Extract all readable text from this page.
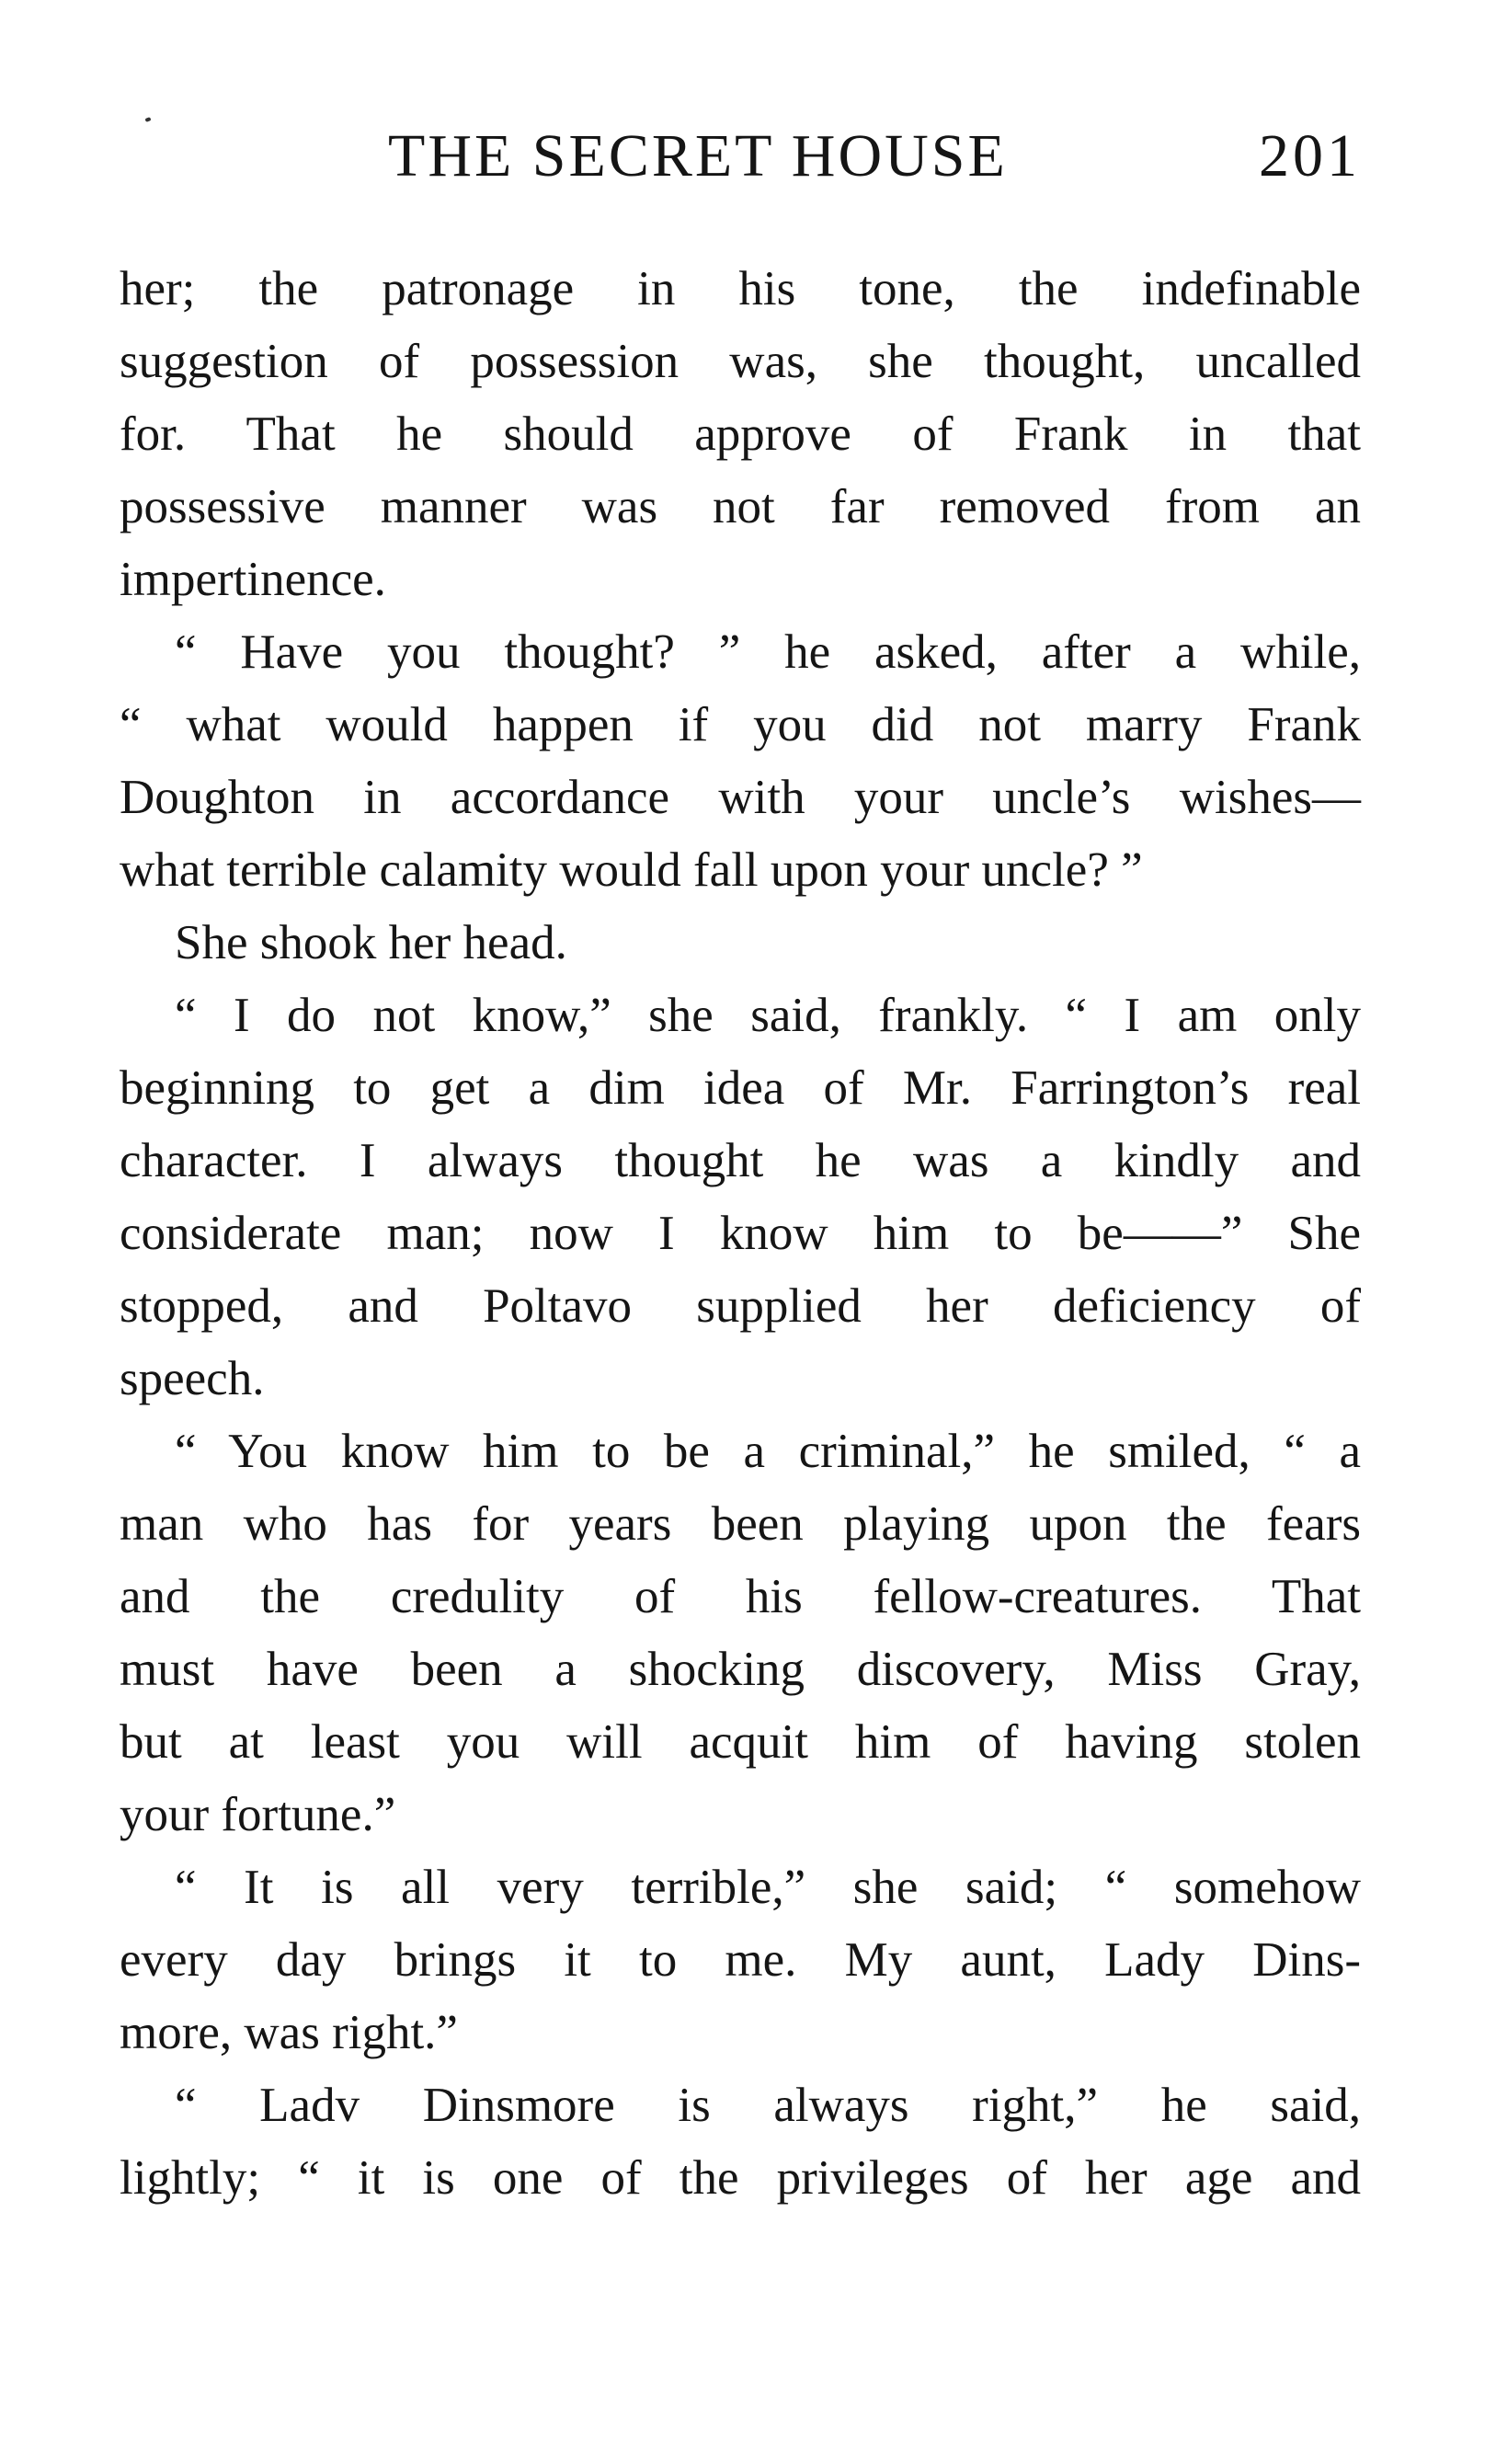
THE SECRET HOUSE	201
her; the patronage in his tone, the indefinable
suggestion of possession was, she thought, uncalled
for. That he should approve of Frank in that
possessive manner was not far removed from an
impertinence.
“ Have you thought? ” he asked, after a while,
“ what would happen if you did not marry Frank
Doughton in accordance with your uncle’s wishes—
what terrible calamity would fall upon your uncle? ”
She shook her head.
“ I do not know,” she said, frankly. “ I am only
beginning to get a dim idea of Mr. Farrington’s real
character. I always thought he was a kindly and
considerate man; now I know him to be——” She
stopped, and Poltavo supplied her deficiency of
speech.
“ You know him to be a criminal,” he smiled, “ a
man who has for years been playing upon the fears
and the credulity of his fellow-creatures. That
must have been a shocking discovery, Miss Gray,
but at least you will acquit him of having stolen
your fortune.”
“ It is all very terrible,” she said; “ somehow
every day brings it to me. My aunt, Lady Dins-
more, was right.”
“ Ladv Dinsmore is always right,” he said,
lightly; “ it is one of the privileges of her age and
